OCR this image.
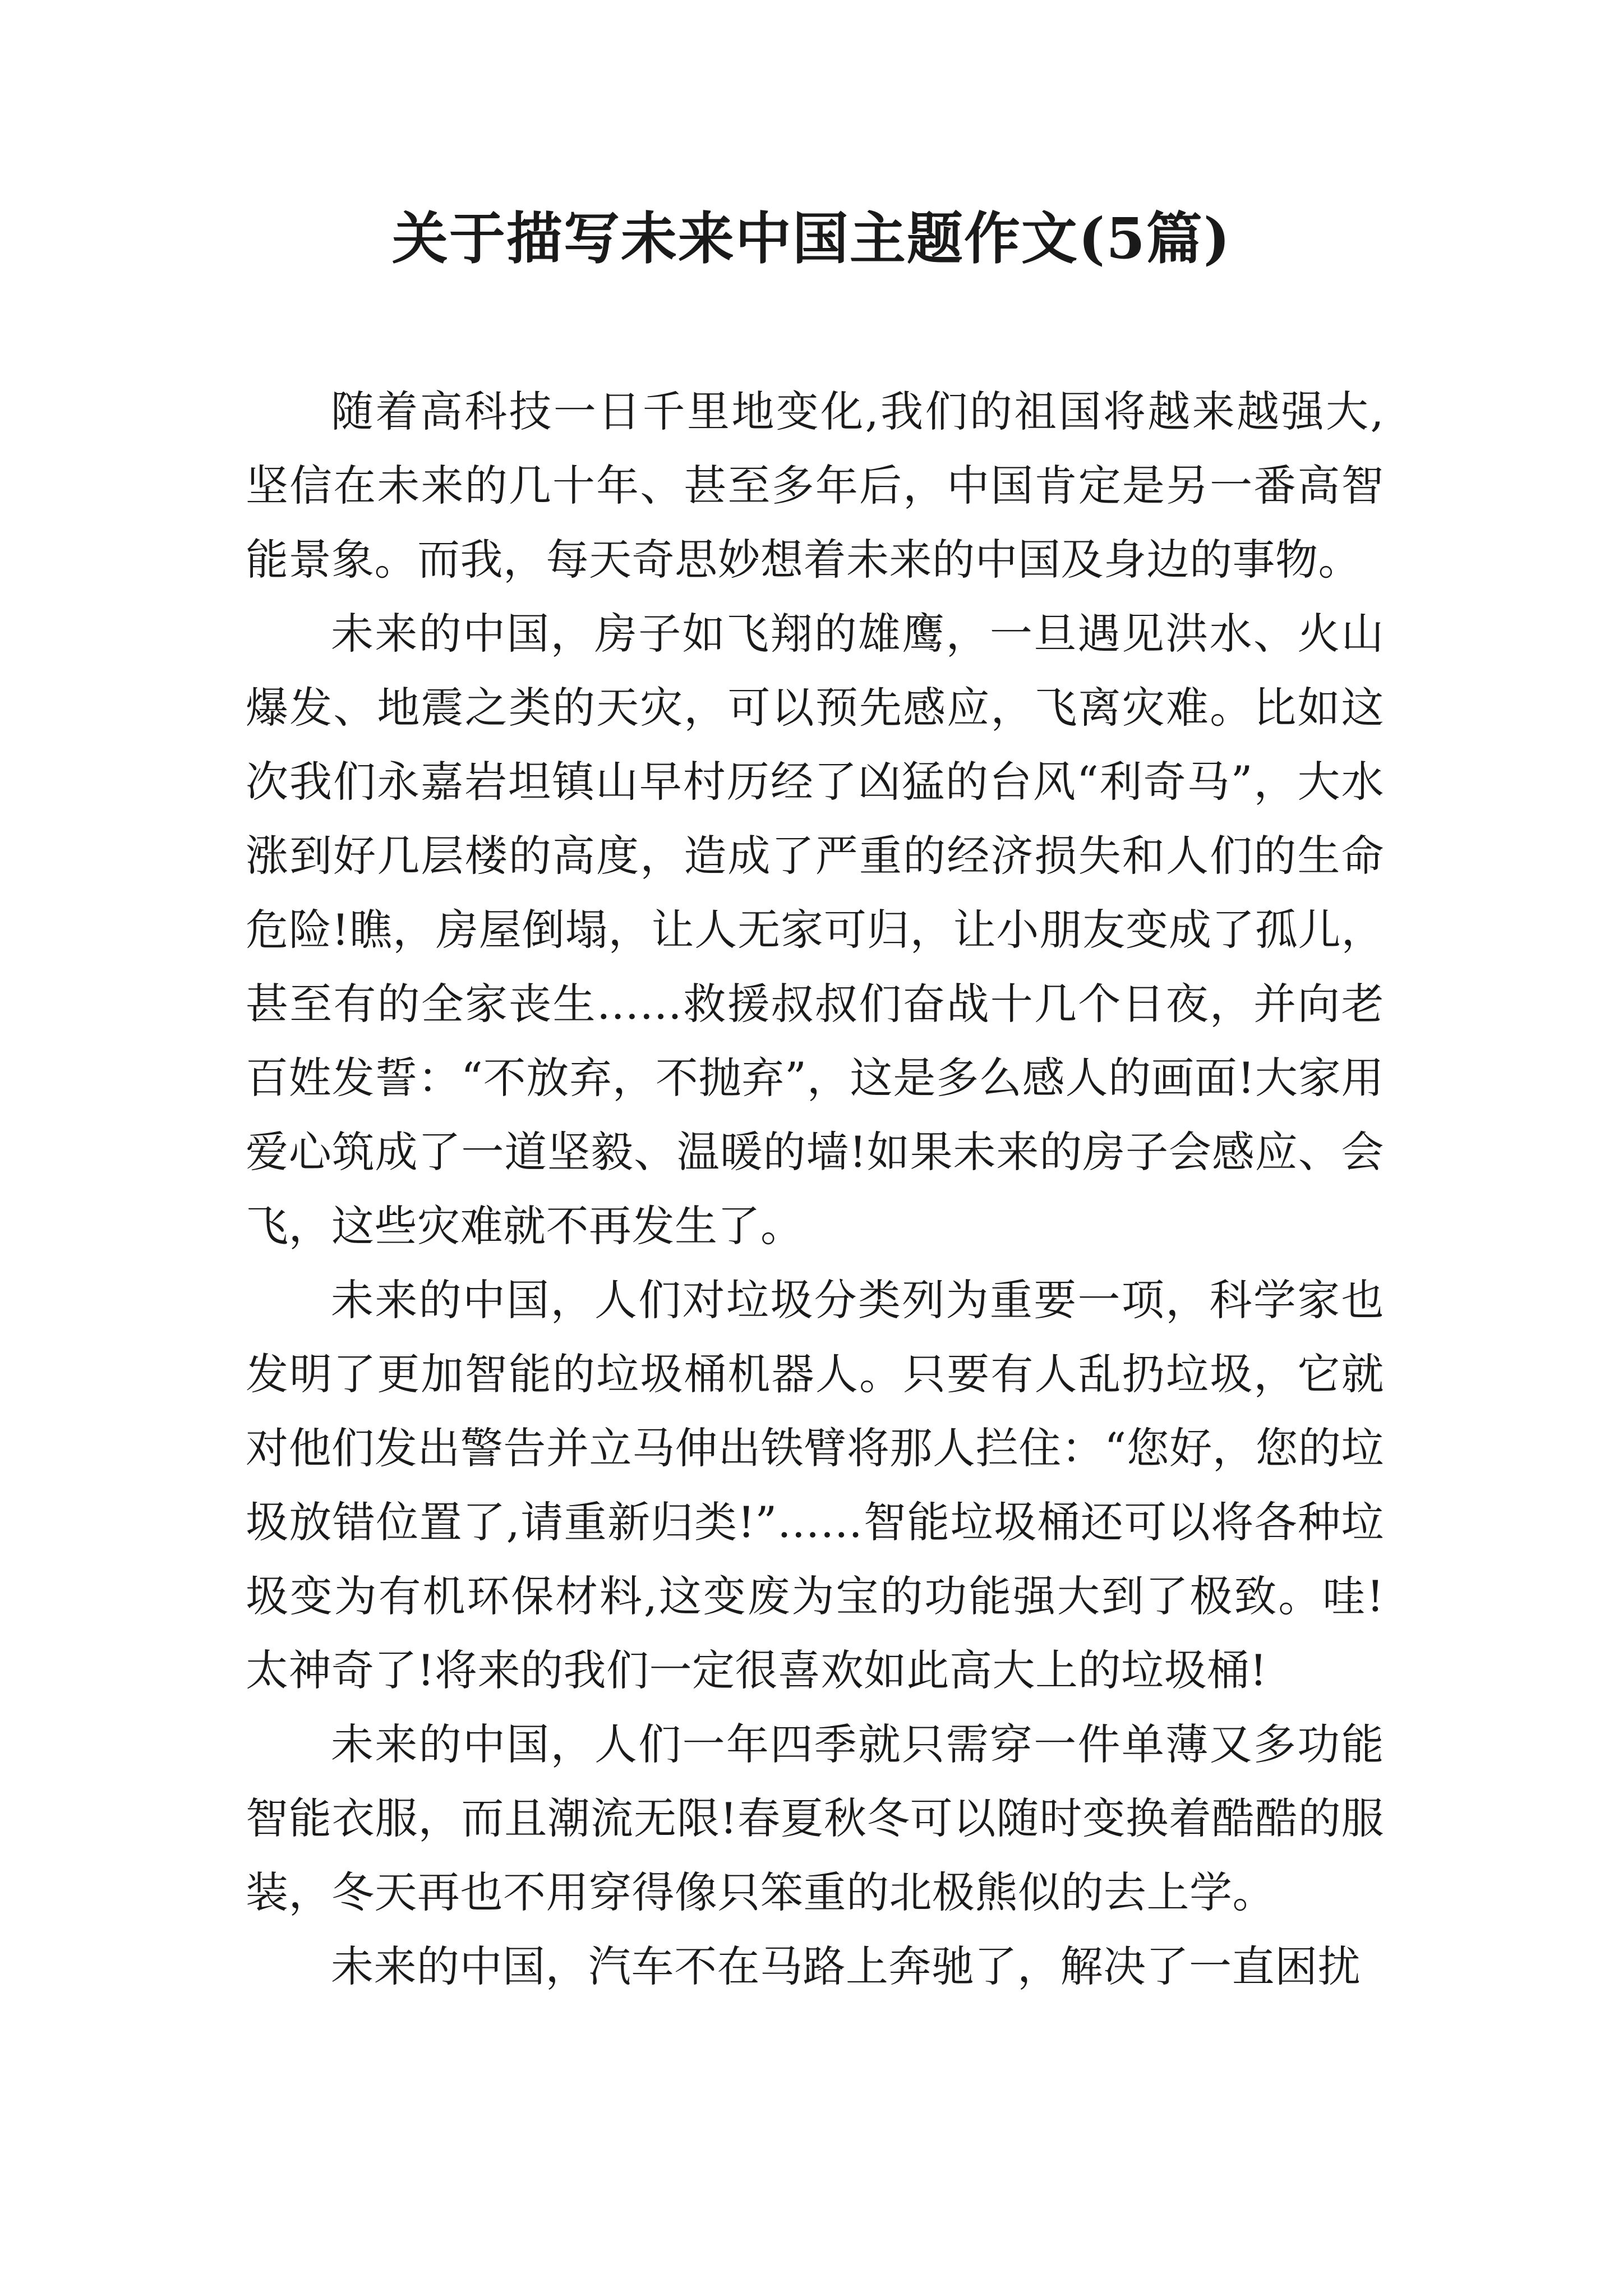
关于描写未来中国主题作文(5篇)

随着高科技一日千里地变化,我们的祖国将越来越强大,坚信在未来的几十年、甚至多年后，中国肯定是另一番高智能景象。而我，每天奇思妙想着未来的中国及身边的事物。

未来的中国，房子如飞翔的雄鹰，一旦遇见洪水、火山爆发、地震之类的天灾，可以预先感应，飞离灾难。比如这次我们永嘉岩坦镇山早村历经了凶猛的台风“利奇马”，大水涨到好几层楼的高度，造成了严重的经济损失和人们的生命危险!瞧，房屋倒塌，让人无家可归，让小朋友变成了孤儿，甚至有的全家丧生……救援叔叔们奋战十几个日夜，并向老百姓发誓：“不放弃，不抛弃”，这是多么感人的画面!大家用爱心筑成了一道坚毅、温暖的墙!如果未来的房子会感应、会飞，这些灾难就不再发生了。

未来的中国，人们对垃圾分类列为重要一项，科学家也发明了更加智能的垃圾桶机器人。只要有人乱扔垃圾，它就对他们发出警告并立马伸出铁臂将那人拦住：“您好，您的垃圾放错位置了,请重新归类!”……智能垃圾桶还可以将各种垃圾变为有机环保材料,这变废为宝的功能强大到了极致。哇!太神奇了!将来的我们一定很喜欢如此高大上的垃圾桶!

未来的中国，人们一年四季就只需穿一件单薄又多功能智能衣服，而且潮流无限!春夏秋冬可以随时变换着酷酷的服装，冬天再也不用穿得像只笨重的北极熊似的去上学。

未来的中国，汽车不在马路上奔驰了，解决了一直困扰
